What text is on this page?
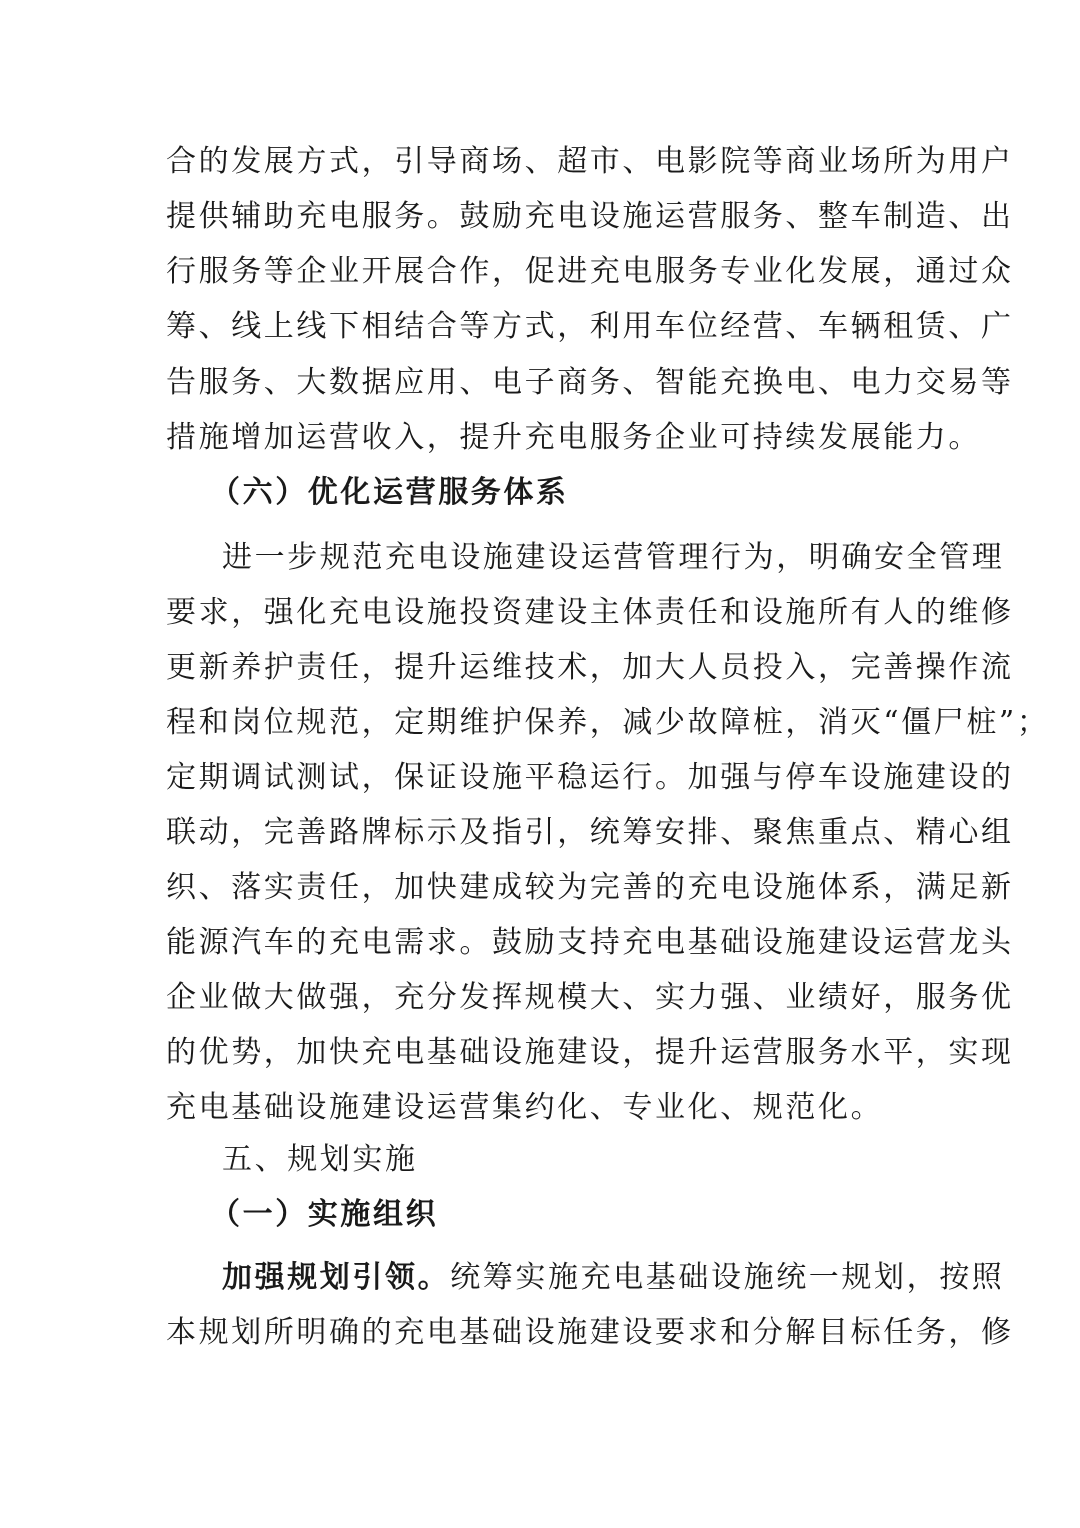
合的发展方式，引导商场、超市、电影院等商业场所为用户
提供辅助充电服务。鼓励充电设施运营服务、整车制造、出
行服务等企业开展合作，促进充电服务专业化发展，通过众
筹、线上线下相结合等方式，利用车位经营、车辆租赁、广
告服务、大数据应用、电子商务、智能充换电、电力交易等
措施增加运营收入，提升充电服务企业可持续发展能力。
（六）优化运营服务体系
进一步规范充电设施建设运营管理行为，明确安全管理
要求，强化充电设施投资建设主体责任和设施所有人的维修
更新养护责任，提升运维技术，加大人员投入，完善操作流
程和岗位规范，定期维护保养，减少故障桩，消灭“僵尸桩”；
定期调试测试，保证设施平稳运行。加强与停车设施建设的
联动，完善路牌标示及指引，统筹安排、聚焦重点、精心组
织、落实责任，加快建成较为完善的充电设施体系，满足新
能源汽车的充电需求。鼓励支持充电基础设施建设运营龙头
企业做大做强，充分发挥规模大、实力强、业绩好，服务优
的优势，加快充电基础设施建设，提升运营服务水平，实现
充电基础设施建设运营集约化、专业化、规范化。
五、规划实施
（一）实施组织
加强规划引领。统筹实施充电基础设施统一规划，按照
本规划所明确的充电基础设施建设要求和分解目标任务，修
